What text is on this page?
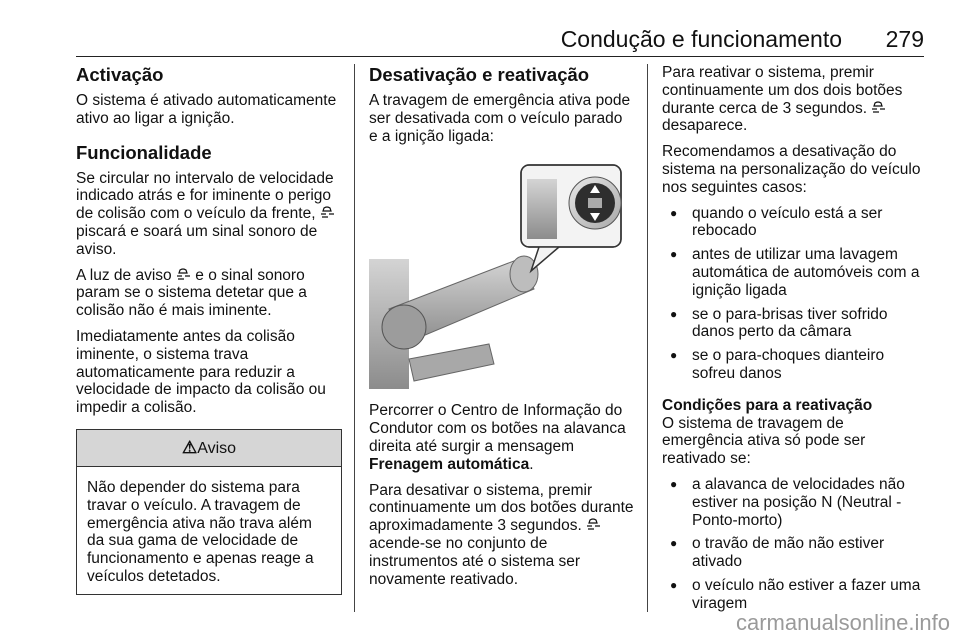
Condução e funcionamento 279
Activação

O sistema é ativado automaticamente ativo ao ligar a ignição.

Funcionalidade

Se circular no intervalo de velocidade indicado atrás e for iminente o perigo de colisão com o veículo da frente,  piscará e soará um sinal sonoro de aviso.

A luz de aviso e o sinal sonoro param se o sistema detetar que a colisão não é mais iminente.

Imediatamente antes da colisão iminente, o sistema trava automaticamente para reduzir a velocidade de impacto da colisão ou impedir a colisão.

⚠Aviso

Não depender do sistema para travar o veículo. A travagem de emergência ativa não trava além da sua gama de velocidade de funcionamento e apenas reage a veículos detetados.

Desativação e reativação

A travagem de emergência ativa pode ser desativada com o veículo parado e a ignição ligada:

Percorrer o Centro de Informação do Condutor com os botões na alavanca direita até surgir a mensagem Frenagem automática.

Para desativar o sistema, premir continuamente um dos botões durante aproximadamente 3 segundos.  acende-se no conjunto de instrumentos até o sistema ser novamente reativado.

Para reativar o sistema, premir continuamente um dos dois botões durante cerca de 3 segundos.  desaparece.

Recomendamos a desativação do sistema na personalização do veículo nos seguintes casos:

● quando o veículo está a ser rebocado
● antes de utilizar uma lavagem automática de automóveis com a ignição ligada
● se o para-brisas tiver sofrido danos perto da câmara
● se o para-choques dianteiro sofreu danos
Condições para a reativação

O sistema de travagem de emergência ativa só pode ser reativado se:

● a alavanca de velocidades não estiver na posição N (Neutral - Ponto-morto)
● o travão de mão não estiver ativado
● o veículo não estiver a fazer uma viragem
carmanualsonline.info
